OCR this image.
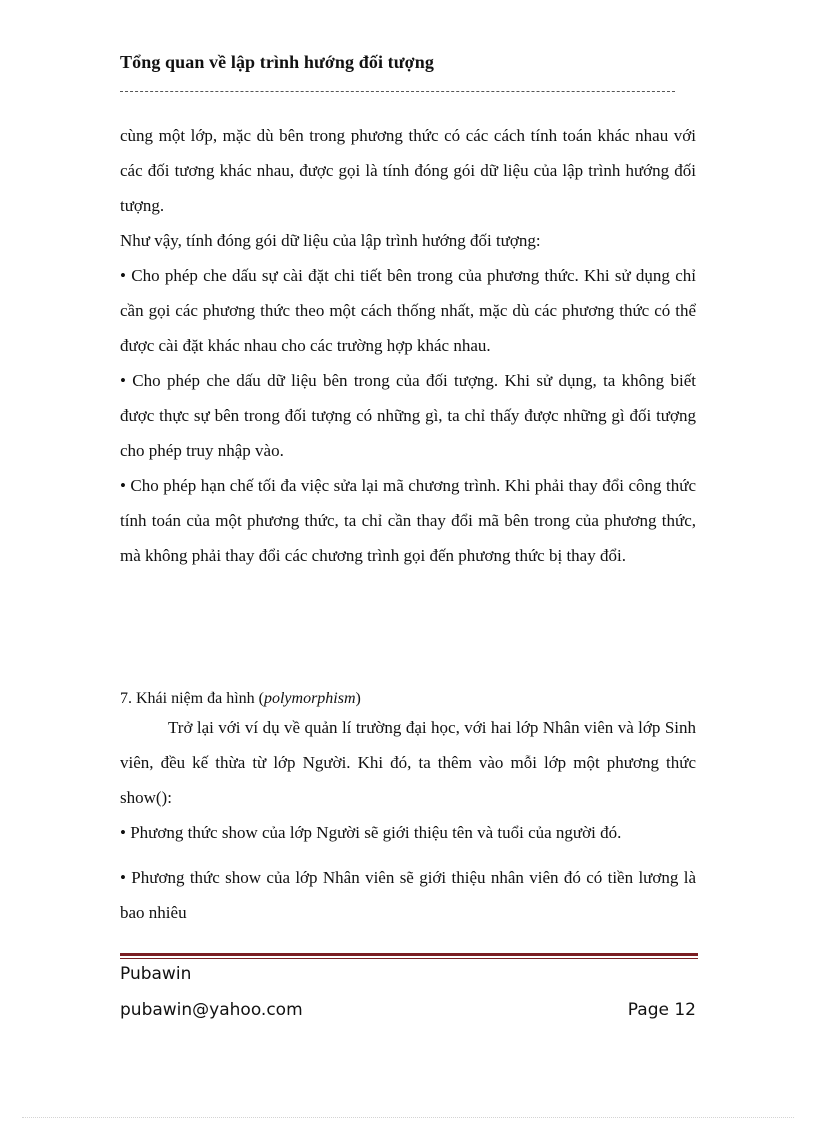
Tổng quan về lập trình hướng đối tượng

cùng một lớp, mặc dù bên trong phương thức có các cách tính toán khác nhau với các đối tương khác nhau, được gọi là tính đóng gói dữ liệu của lập trình hướng đối tượng.

Như vậy, tính đóng gói dữ liệu của lập trình hướng đối tượng:

• Cho phép che dấu sự cài đặt chi tiết bên trong của phương thức. Khi sử dụng chỉ cần gọi các phương thức theo một cách thống nhất, mặc dù các phương thức có thể được cài đặt khác nhau cho các trường hợp khác nhau.

• Cho phép che dấu dữ liệu bên trong của đối tượng. Khi sử dụng, ta không biết được thực sự bên trong đối tượng có những gì, ta chỉ thấy được những gì đối tượng cho phép truy nhập vào.

• Cho phép hạn chế tối đa việc sửa lại mã chương trình. Khi phải thay đổi công thức tính toán của một phương thức, ta chỉ cần thay đổi mã bên trong của phương thức, mà không phải thay đổi các chương trình gọi đến phương thức bị thay đổi.

7. Khái niệm đa hình (polymorphism)

Trở lại với ví dụ về quản lí trường đại học, với hai lớp Nhân viên và lớp Sinh viên, đều kế thừa từ lớp Người. Khi đó, ta thêm vào mỗi lớp một phương thức show():

• Phương thức show của lớp Người sẽ giới thiệu tên và tuổi của người đó.

• Phương thức show của lớp Nhân viên sẽ giới thiệu nhân viên đó có tiền lương là bao nhiêu

Pubawin
pubawin@yahoo.com	Page 12
